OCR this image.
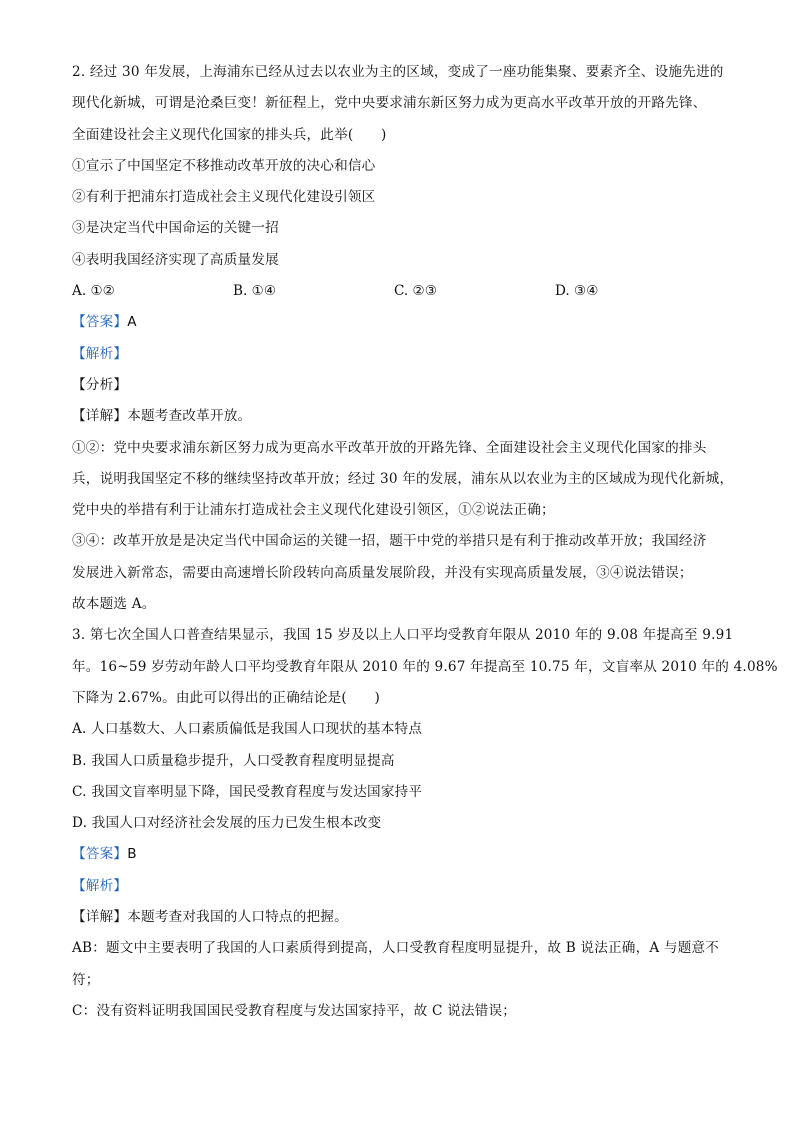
2. 经过 30 年发展，上海浦东已经从过去以农业为主的区域，变成了一座功能集聚、要素齐全、设施先进的
现代化新城，可谓是沧桑巨变！新征程上，党中央要求浦东新区努力成为更高水平改革开放的开路先锋、
全面建设社会主义现代化国家的排头兵，此举(　　)
①宣示了中国坚定不移推动改革开放的决心和信心
②有利于把浦东打造成社会主义现代化建设引领区
③是决定当代中国命运的关键一招
④表明我国经济实现了高质量发展
A. ①②	B. ①④	C. ②③	D. ③④
【答案】A
【解析】
【分析】
【详解】本题考查改革开放。
①②：党中央要求浦东新区努力成为更高水平改革开放的开路先锋、全面建设社会主义现代化国家的排头
兵，说明我国坚定不移的继续坚持改革开放；经过 30 年的发展，浦东从以农业为主的区域成为现代化新城，
党中央的举措有利于让浦东打造成社会主义现代化建设引领区，①②说法正确；
③④：改革开放是是决定当代中国命运的关键一招，题干中党的举措只是有利于推动改革开放；我国经济
发展进入新常态，需要由高速增长阶段转向高质量发展阶段，并没有实现高质量发展，③④说法错误；
故本题选 A。
3. 第七次全国人口普查结果显示，我国 15 岁及以上人口平均受教育年限从 2010 年的 9.08 年提高至 9.91
年。16~59 岁劳动年龄人口平均受教育年限从 2010 年的 9.67 年提高至 10.75 年，文盲率从 2010 年的 4.08%
下降为 2.67%。由此可以得出的正确结论是(　　)
A. 人口基数大、人口素质偏低是我国人口现状的基本特点
B. 我国人口质量稳步提升，人口受教育程度明显提高
C. 我国文盲率明显下降，国民受教育程度与发达国家持平
D. 我国人口对经济社会发展的压力已发生根本改变
【答案】B
【解析】
【详解】本题考查对我国的人口特点的把握。
AB：题文中主要表明了我国的人口素质得到提高，人口受教育程度明显提升，故 B 说法正确，A 与题意不
符；
C：没有资料证明我国国民受教育程度与发达国家持平，故 C 说法错误；
